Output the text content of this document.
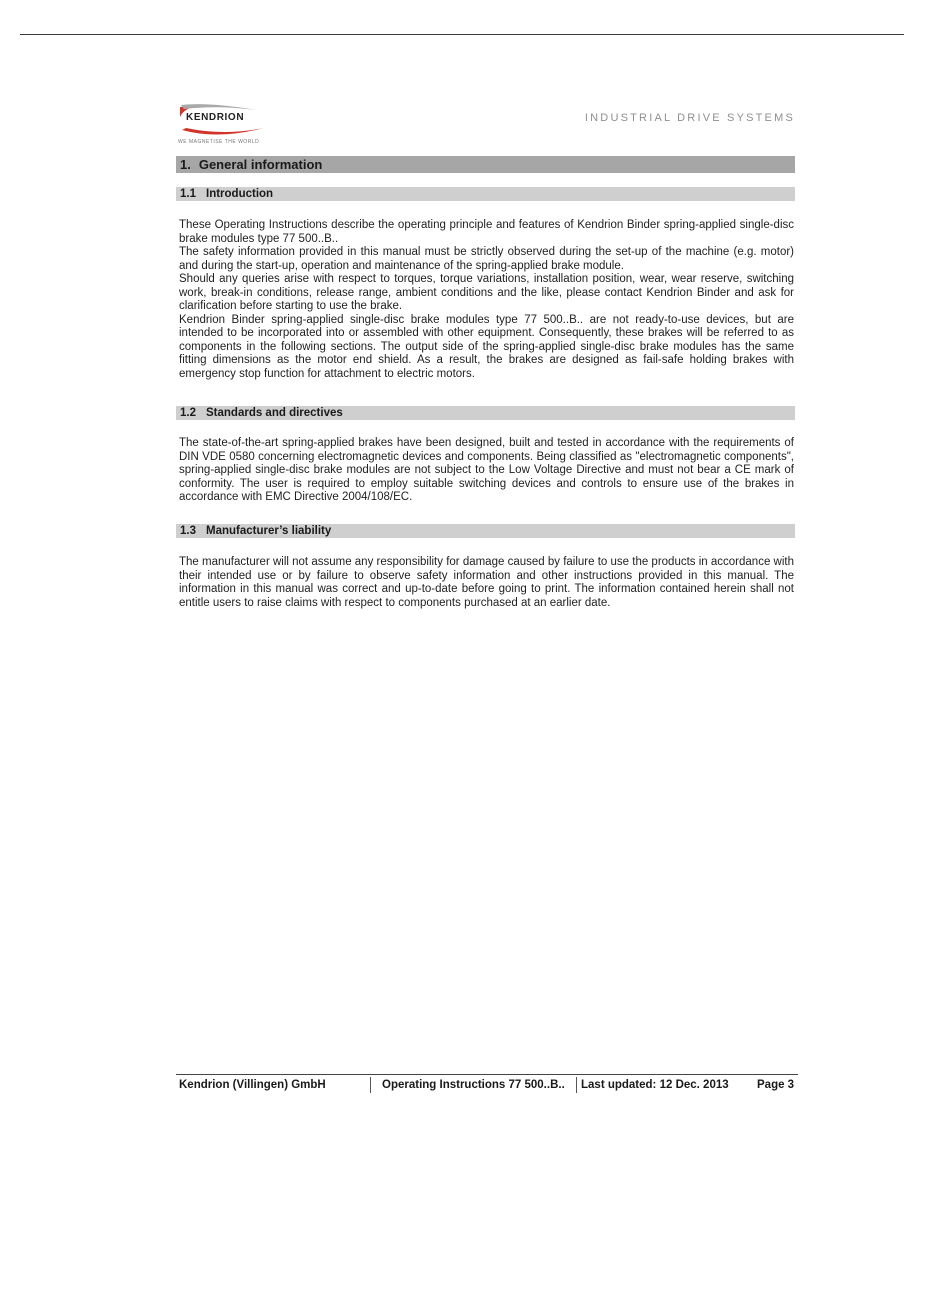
KENDRION
WE MAGNETISE THE WORLD
INDUSTRIAL DRIVE SYSTEMS
1. General information
1.1 Introduction
These Operating Instructions describe the operating principle and features of Kendrion Binder spring-applied single-disc brake modules type 77 500..B..
The safety information provided in this manual must be strictly observed during the set-up of the machine (e.g. motor) and during the start-up, operation and maintenance of the spring-applied brake module.
Should any queries arise with respect to torques, torque variations, installation position, wear, wear reserve, switching work, break-in conditions, release range, ambient conditions and the like, please contact Kendrion Binder and ask for clarification before starting to use the brake.
Kendrion Binder spring-applied single-disc brake modules type 77 500..B.. are not ready-to-use devices, but are intended to be incorporated into or assembled with other equipment. Consequently, these brakes will be referred to as components in the following sections. The output side of the spring-applied single-disc brake modules has the same fitting dimensions as the motor end shield. As a result, the brakes are designed as fail-safe holding brakes with emergency stop function for attachment to electric motors.
1.2 Standards and directives
The state-of-the-art spring-applied brakes have been designed, built and tested in accordance with the requirements of DIN VDE 0580 concerning electromagnetic devices and components. Being classified as "electromagnetic components", spring-applied single-disc brake modules are not subject to the Low Voltage Directive and must not bear a CE mark of conformity. The user is required to employ suitable switching devices and controls to ensure use of the brakes in accordance with EMC Directive 2004/108/EC.
1.3 Manufacturer’s liability
The manufacturer will not assume any responsibility for damage caused by failure to use the products in accordance with their intended use or by failure to observe safety information and other instructions provided in this manual. The information in this manual was correct and up-to-date before going to print. The information contained herein shall not entitle users to raise claims with respect to components purchased at an earlier date.
Kendrion (Villingen) GmbH	Operating Instructions 77 500..B.. Last updated: 12 Dec. 2013 Page 3
